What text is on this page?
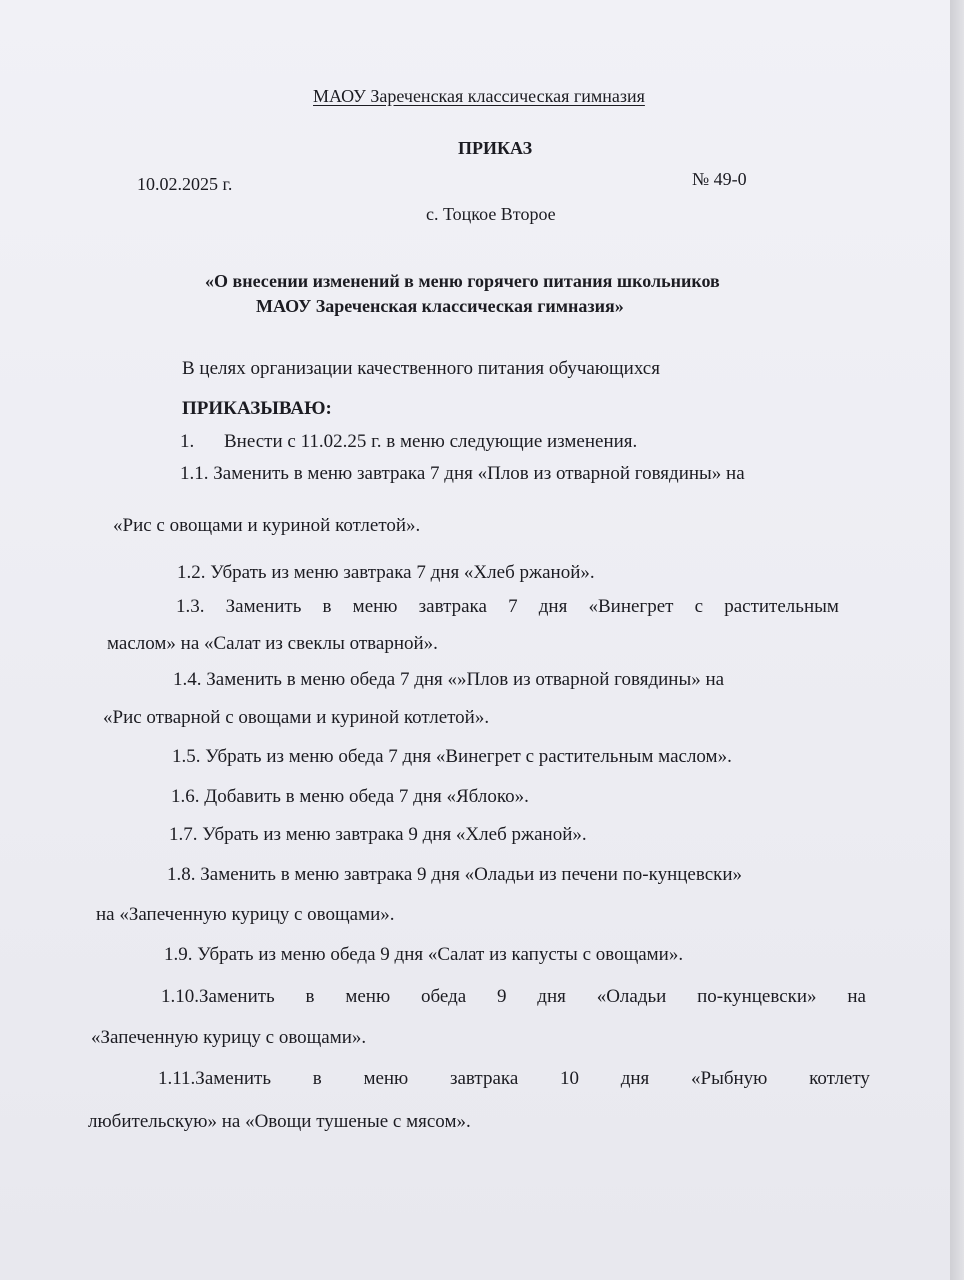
МАОУ Зареченская классическая гимназия
ПРИКАЗ
10.02.2025 г.	№ 49-0
с. Тоцкое Второе
«О внесении изменений в меню горячего питания школьников
МАОУ Зареченская классическая гимназия»
В целях организации качественного питания обучающихся
ПРИКАЗЫВАЮ:
1. Внести с 11.02.25 г. в меню следующие изменения.
1.1. Заменить в меню завтрака 7 дня «Плов из отварной говядины» на
«Рис с овощами и куриной котлетой».
1.2. Убрать из меню завтрака 7 дня «Хлеб ржаной».
1.3. Заменить в меню завтрака 7 дня «Винегрет с растительным
маслом» на «Салат из свеклы отварной».
1.4. Заменить в меню обеда 7 дня «»Плов из отварной говядины» на
«Рис отварной с овощами и куриной котлетой».
1.5. Убрать из меню обеда 7 дня «Винегрет с растительным маслом».
1.6. Добавить в меню обеда 7 дня «Яблоко».
1.7. Убрать из меню завтрака 9 дня «Хлеб ржаной».
1.8. Заменить в меню завтрака 9 дня «Оладьи из печени по-кунцевски»
на «Запеченную курицу с овощами».
1.9. Убрать из меню обеда 9 дня «Салат из капусты с овощами».
1.10.Заменить в меню обеда 9 дня «Оладьи по-кунцевски» на
«Запеченную курицу с овощами».
1.11.Заменить в меню завтрака 10 дня «Рыбную котлету
любительскую» на «Овощи тушеные с мясом».
